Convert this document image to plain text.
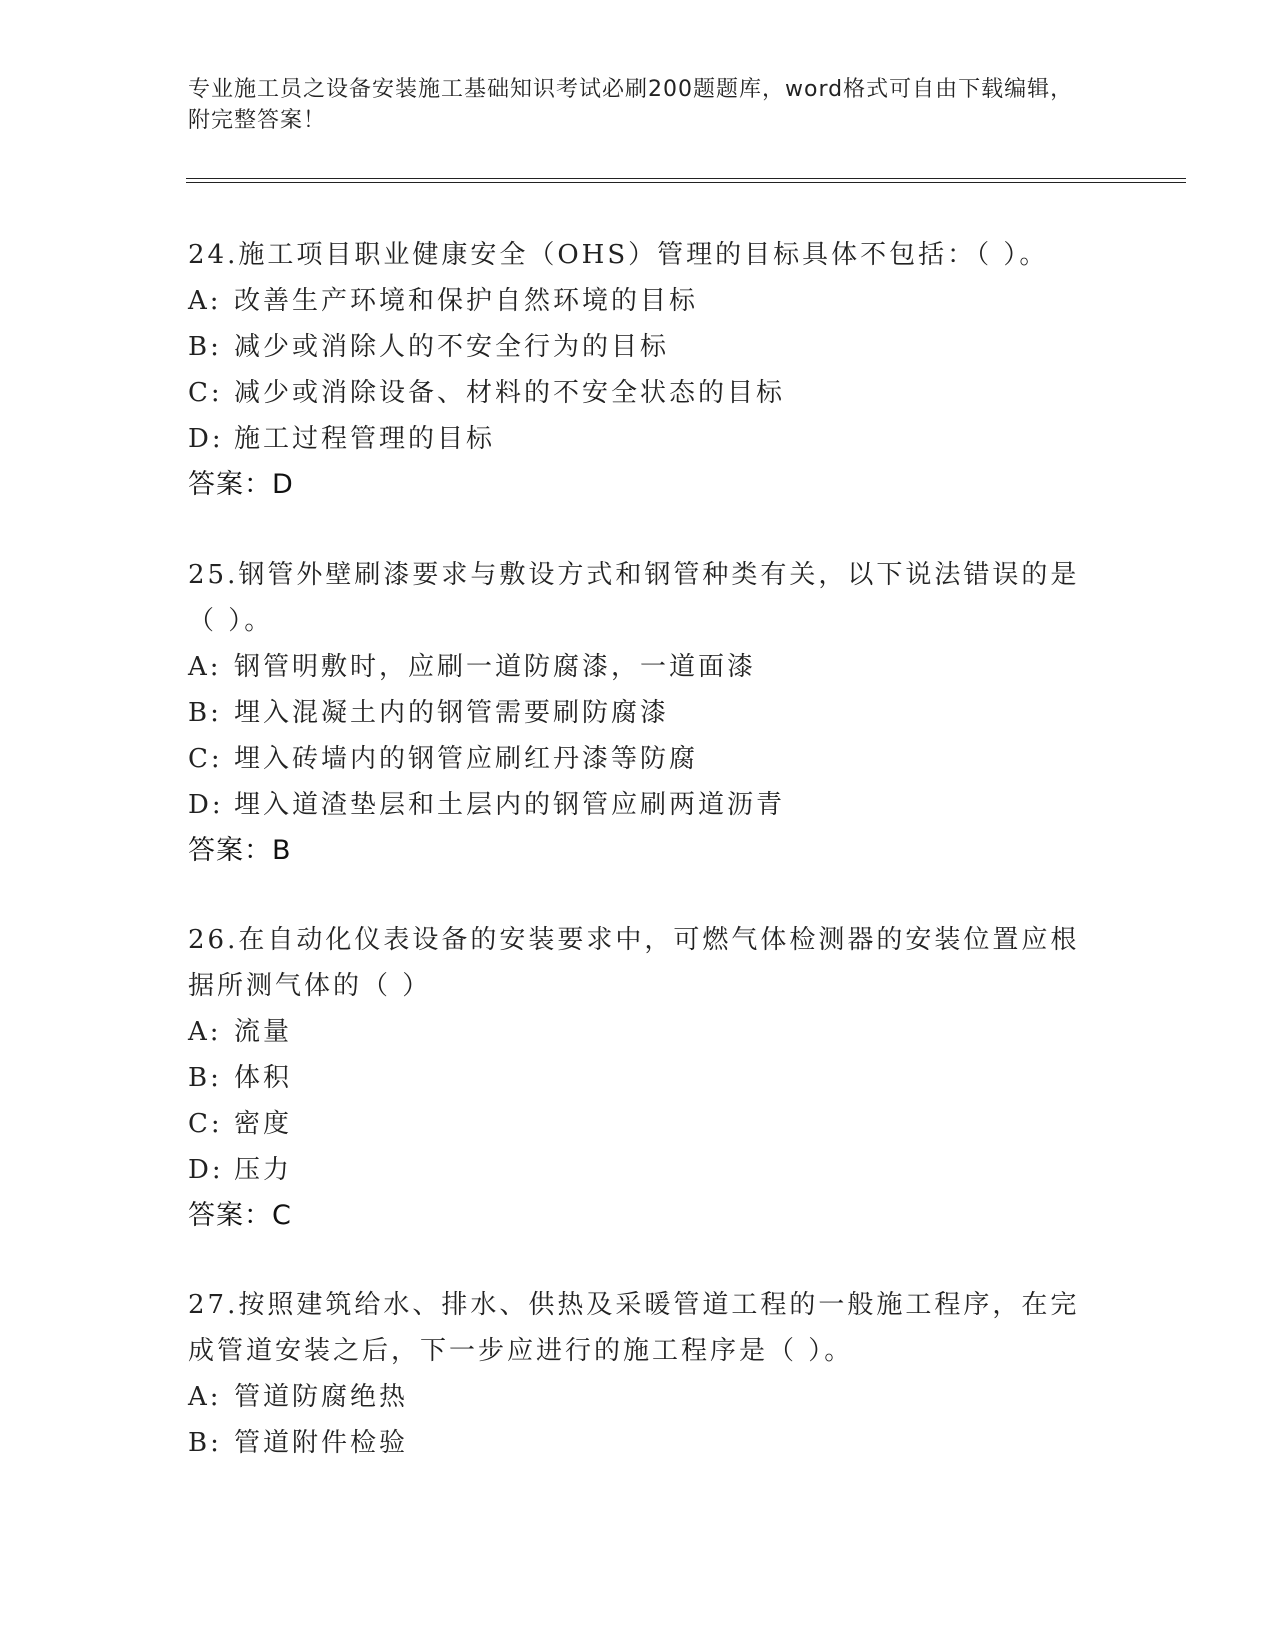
专业施工员之设备安装施工基础知识考试必刷200题题库，word格式可自由下载编辑，附完整答案！
24.施工项目职业健康安全（OHS）管理的目标具体不包括：（ ）。
A: 改善生产环境和保护自然环境的目标
B: 减少或消除人的不安全行为的目标
C: 减少或消除设备、材料的不安全状态的目标
D: 施工过程管理的目标
答案：D
25.钢管外壁刷漆要求与敷设方式和钢管种类有关，以下说法错误的是（ ）。
A: 钢管明敷时，应刷一道防腐漆，一道面漆
B: 埋入混凝土内的钢管需要刷防腐漆
C: 埋入砖墙内的钢管应刷红丹漆等防腐
D: 埋入道渣垫层和土层内的钢管应刷两道沥青
答案：B
26.在自动化仪表设备的安装要求中，可燃气体检测器的安装位置应根据所测气体的（ ）
A: 流量
B: 体积
C: 密度
D: 压力
答案：C
27.按照建筑给水、排水、供热及采暖管道工程的一般施工程序，在完成管道安装之后，下一步应进行的施工程序是（ ）。
A: 管道防腐绝热
B: 管道附件检验
